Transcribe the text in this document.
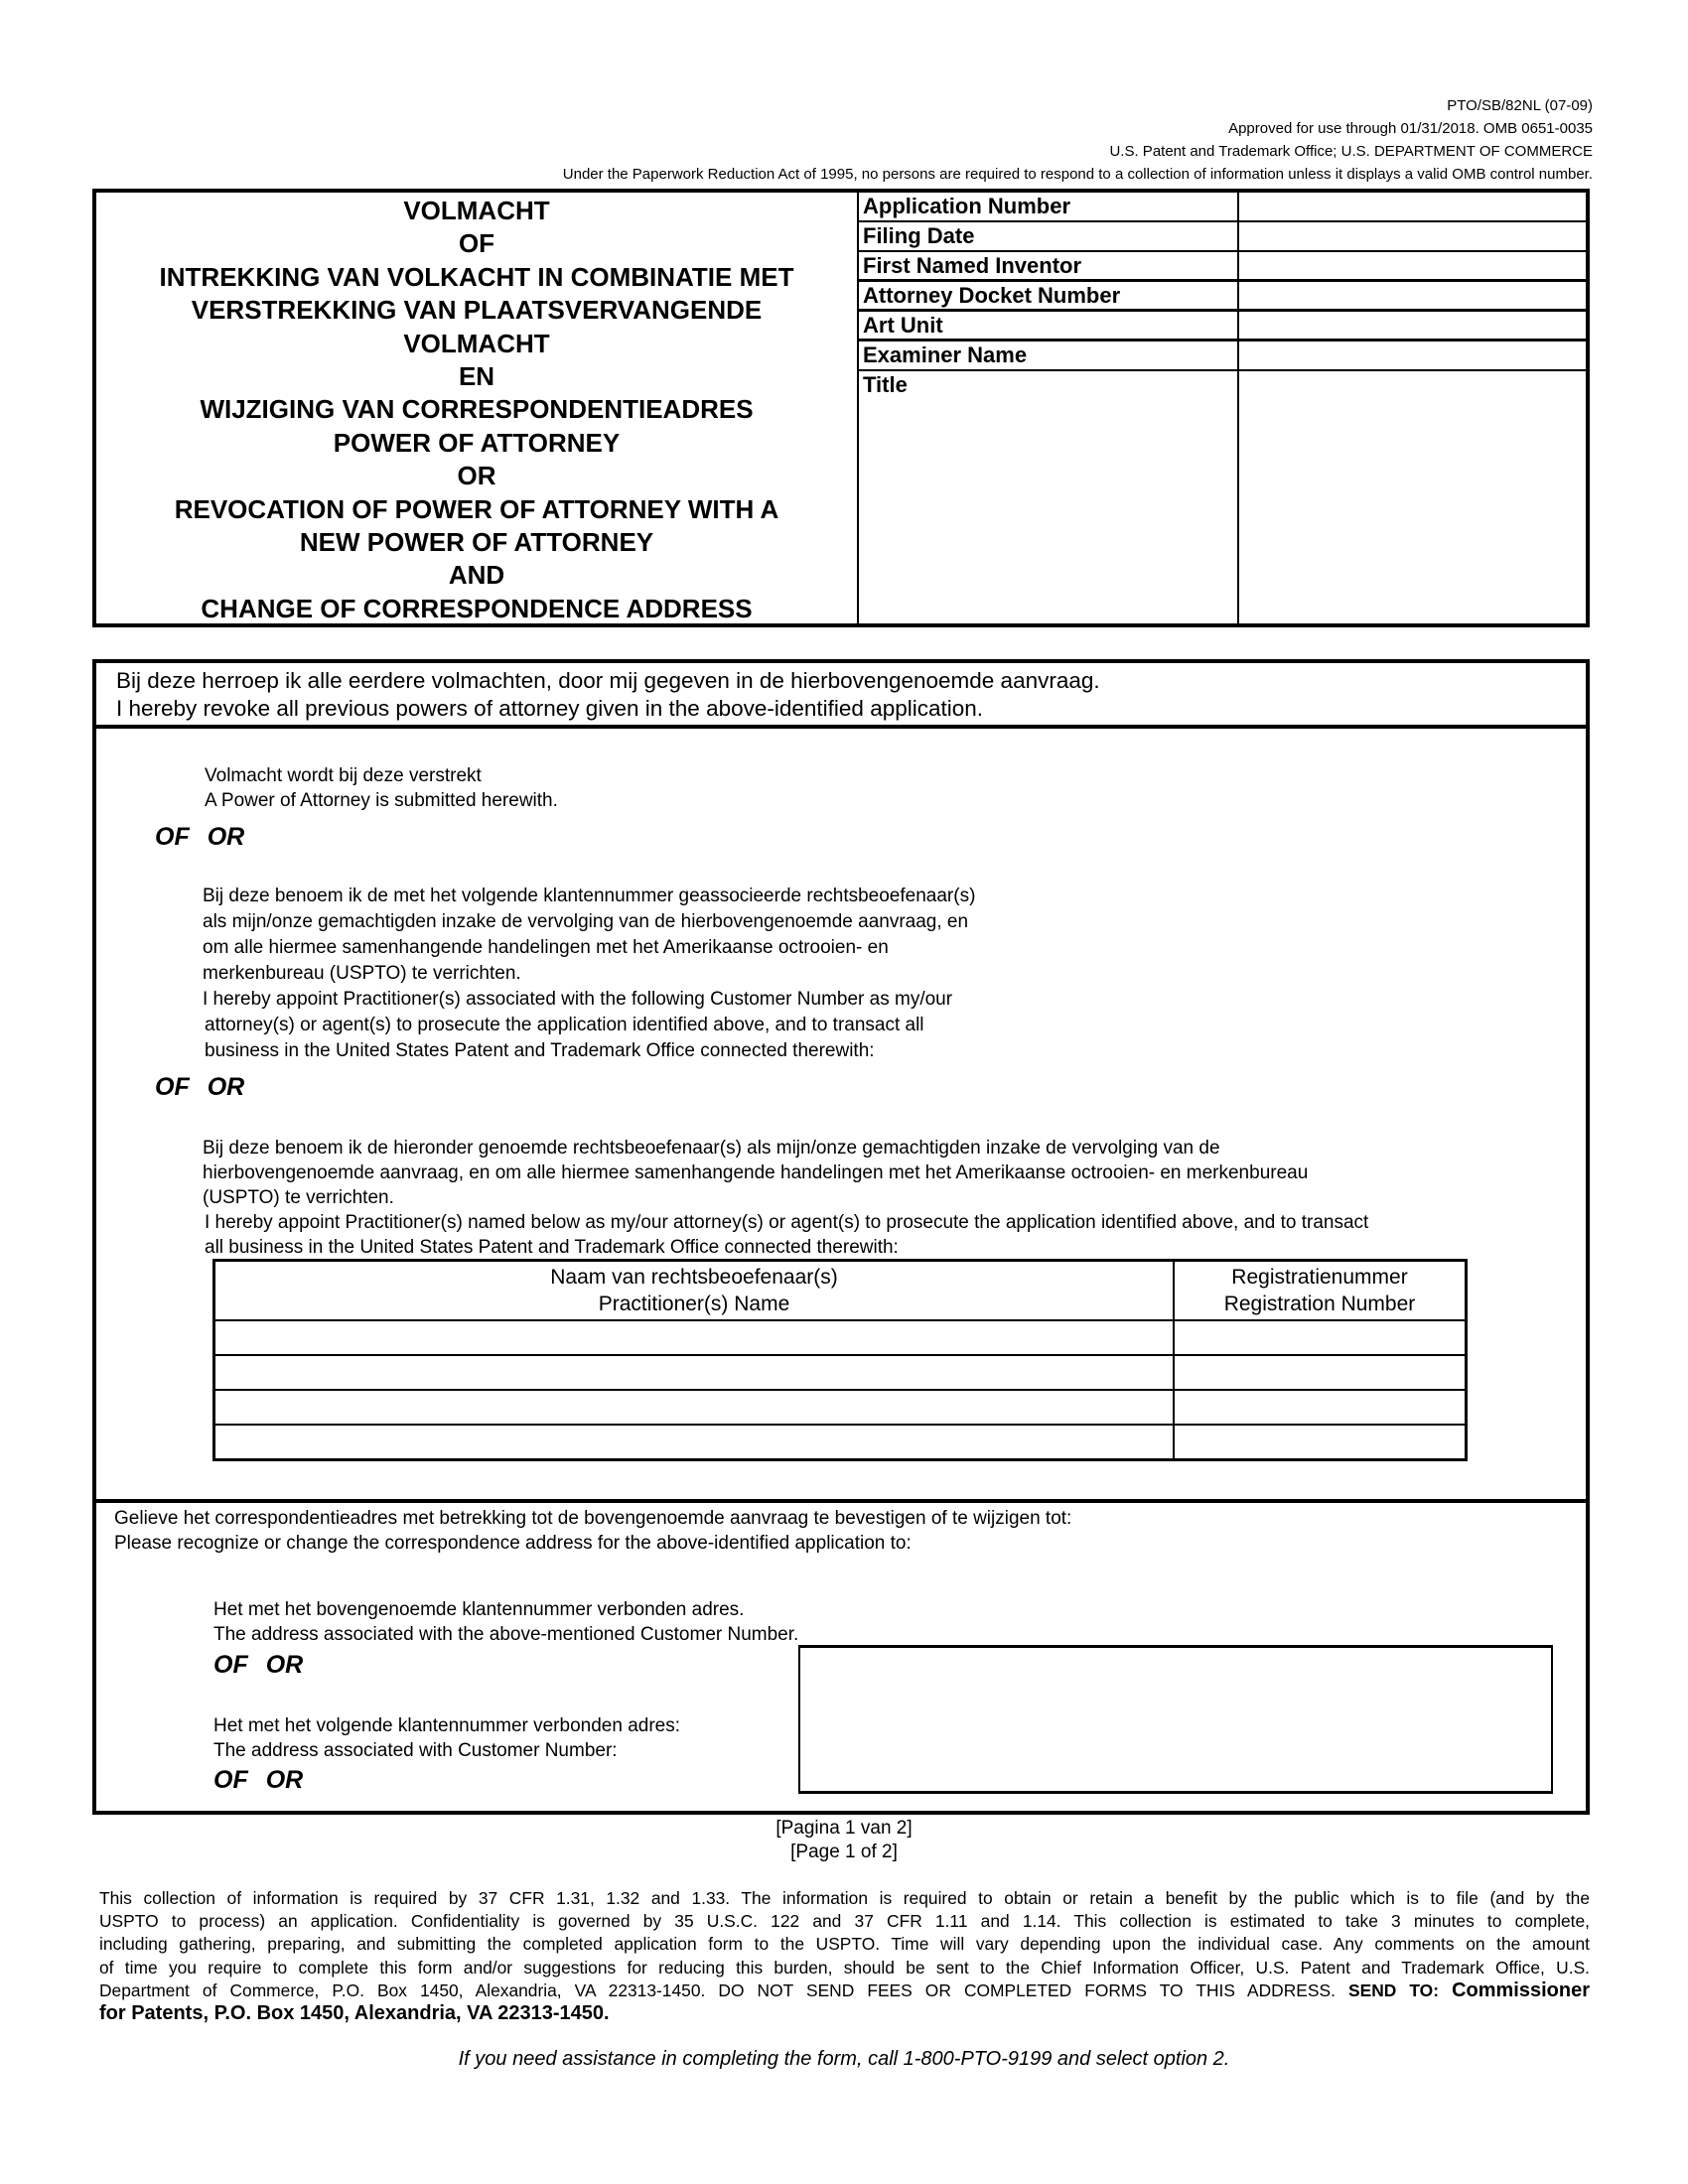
PTO/SB/82NL (07-09)
Approved for use through 01/31/2018. OMB 0651-0035
U.S. Patent and Trademark Office; U.S. DEPARTMENT OF COMMERCE
Under the Paperwork Reduction Act of 1995, no persons are required to respond to a collection of information unless it displays a valid OMB control number.
VOLMACHT
OF
INTREKKING VAN VOLKACHT IN COMBINATIE MET
VERSTREKKING VAN PLAATSVERVANGENDE
VOLMACHT
EN
WIJZIGING VAN CORRESPONDENTIEADRES
POWER OF ATTORNEY
OR
REVOCATION OF POWER OF ATTORNEY WITH A
NEW POWER OF ATTORNEY
AND
CHANGE OF CORRESPONDENCE ADDRESS
Application Number
Filing Date
First Named Inventor
Attorney Docket Number
Art Unit
Examiner Name
Title
Bij deze herroep ik alle eerdere volmachten, door mij gegeven in de hierbovengenoemde aanvraag.
I hereby revoke all previous powers of attorney given in the above-identified application.
Volmacht wordt bij deze verstrekt
A Power of Attorney is submitted herewith.
OF OR
Bij deze benoem ik de met het volgende klantennummer geassocieerde rechtsbeoefenaar(s)
als mijn/onze gemachtigden inzake de vervolging van de hierbovengenoemde aanvraag, en
om alle hiermee samenhangende handelingen met het Amerikaanse octrooien- en
merkenbureau (USPTO) te verrichten.
I hereby appoint Practitioner(s) associated with the following Customer Number as my/our
attorney(s) or agent(s) to prosecute the application identified above, and to transact all
business in the United States Patent and Trademark Office connected therewith:
OF OR
Bij deze benoem ik de hieronder genoemde rechtsbeoefenaar(s) als mijn/onze gemachtigden inzake de vervolging van de
hierbovengenoemde aanvraag, en om alle hiermee samenhangende handelingen met het Amerikaanse octrooien- en merkenbureau
(USPTO) te verrichten.
I hereby appoint Practitioner(s) named below as my/our attorney(s) or agent(s) to prosecute the application identified above, and to transact
all business in the United States Patent and Trademark Office connected therewith:
Naam van rechtsbeoefenaar(s)
Practitioner(s) Name

Registratienummer
Registration Number

Gelieve het correspondentieadres met betrekking tot de bovengenoemde aanvraag te bevestigen of te wijzigen tot:
Please recognize or change the correspondence address for the above-identified application to:
Het met het bovengenoemde klantennummer verbonden adres.
The address associated with the above-mentioned Customer Number.
OF OR
Het met het volgende klantennummer verbonden adres:
The address associated with Customer Number:
OF OR
[Pagina 1 van 2]
[Page 1 of 2]
This collection of information is required by 37 CFR 1.31, 1.32 and 1.33. The information is required to obtain or retain a benefit by the public which is to file (and by the
USPTO to process) an application. Confidentiality is governed by 35 U.S.C. 122 and 37 CFR 1.11 and 1.14. This collection is estimated to take 3 minutes to complete,
including gathering, preparing, and submitting the completed application form to the USPTO. Time will vary depending upon the individual case. Any comments on the amount
of time you require to complete this form and/or suggestions for reducing this burden, should be sent to the Chief Information Officer, U.S. Patent and Trademark Office, U.S.
Department of Commerce, P.O. Box 1450, Alexandria, VA 22313-1450. DO NOT SEND FEES OR COMPLETED FORMS TO THIS ADDRESS. SEND TO: Commissioner
for Patents, P.O. Box 1450, Alexandria, VA 22313-1450.
If you need assistance in completing the form, call 1-800-PTO-9199 and select option 2.
